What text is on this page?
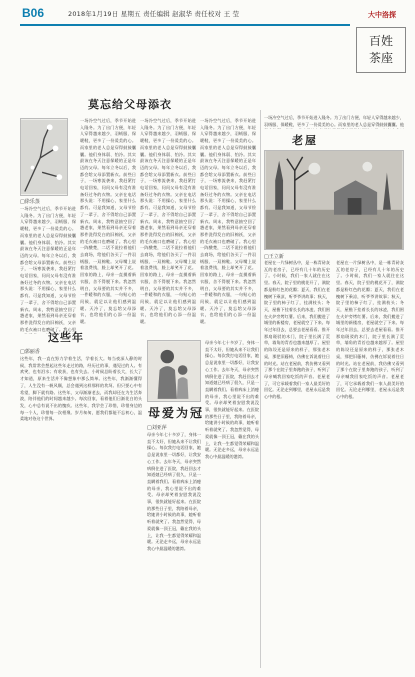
B06	2018年1月19日 星期五 责任编辑 赵淑华 责任校对 王 莹	大中洛探
百姓
茶座
莫忘给父母添衣
□徐乐蒸
一场冷空气过后，季节开始进入隆冬。为了出门方便，年轻人穿得越来越少，羽绒服、保暖鞋，更多了一份爱美的心。而家里的老人总是穿得鼓鼓囊囊。他们身体弱、怕冷。其实最该在冬天注意保暖的正是年迈的父母。每年立冬以后，我都会给父母添置新衣。前些日子，一场寒流袭来，我赶紧打电话回家，问问父母有没有准备好过冬的衣物。父亲在电话那头说：不用操心，家里什么都有。可是我知道，父母节俭了一辈子，舍不得给自己添置新衣。周末，我特意抽空回了趟老家，果然看到母亲还穿着那件洗得发白的旧棉袄，父亲的毛衣袖口也磨破了。我心里
一场冷空气过后，季节开始进入隆冬。为了出门方便，年轻人穿得越来越少，羽绒服、保暖鞋，更多了一份爱美的心。而家里的老人总是穿得鼓鼓囊囊。他们身体弱、怕冷。其实最该在冬天注意保暖的正是年迈的父母。每年立冬以后，我都会给父母添置新衣。前些日子，一场寒流袭来，我赶紧打电话回家，问问父母有没有准备好过冬的衣物。父亲在电话那头说：不用操心，家里什么都有。可是我知道，父母节俭了一辈子，舍不得给自己添置新衣。周末，我特意抽空回了趟老家，果然看到母亲还穿着那件洗得发白的旧棉袄，父亲的毛衣袖口也磨破了。我心里一阵酸楚，二话不说拉着他们去商场，给他们各买了一件羽绒服、一双棉鞋。父母嘴上说着浪费钱，脸上却笑开了花。回家的路上，母亲一直摸着新衣服，舍不得脱下来。我忽然明白，父母要的其实并不多，一件暖和的衣服，一句贴心的问候，就足以让他们感到温暖。天冷了，莫忘给父母添衣，也给他们的心添一份温暖。
一场冷空气过后，季节开始进入隆冬。为了出门方便，年轻人穿得越来越少，羽绒服、保暖鞋，更多了一份爱美的心。而家里的老人总是穿得鼓鼓囊囊。他们身体弱、怕冷。其实最该在冬天注意保暖的正是年迈的父母。每年立冬以后，我都会给父母添置新衣。前些日子，一场寒流袭来，我赶紧打电话回家，问问父母有没有准备好过冬的衣物。父亲在电话那头说：不用操心，家里什么都有。可是我知道，父母节俭了一辈子，舍不得给自己添置新衣。周末，我特意抽空回了趟老家，果然看到母亲还穿着那件洗得发白的旧棉袄，父亲的毛衣袖口也磨破了。我心里一阵酸楚，二话不说拉着他们去商场，给他们各买了一件羽绒服、一双棉鞋。父母嘴上说着浪费钱，脸上却笑开了花。回家的路上，母亲一直摸着新衣服，舍不得脱下来。我忽然明白，父母要的其实并不多，一件暖和的衣服，一句贴心的问候，就足以让他们感到温暖。天冷了，莫忘给父母添衣，也给他们的心添一份温暖。
一场冷空气过后，季节开始进入隆冬。为了出门方便，年轻人穿得越来越少，羽绒服、保暖鞋，更多了一份爱美的心。而家里的老人总是穿得鼓鼓囊囊。他们身体弱、怕冷。其实最该在冬天注意保暖的正是年迈的父母。每年立冬以后，我都会给父母添置新衣。前些日子，一场寒流袭来，我赶紧打电话回家，问问父母有没有准备好过冬的衣物。父亲在电话那头说：不用操心，家里什么都有。可是我知道，父母节俭了一辈子，舍不得给自己添置新衣。周末，我特意抽空回了趟老家，果然看到母亲还穿着那件洗得发白的旧棉袄，父亲的毛衣袖口也磨破了。我心里一阵酸楚，二话不说拉着他们去商场，给他们各买了一件羽绒服、一双棉鞋。父母嘴上说着浪费钱，脸上却笑开了花。回家的路上，母亲一直摸着新衣服，舍不得脱下来。我忽然明白，父母要的其实并不多，一件暖和的衣服，一句贴心的问候，就足以让他们感到温暖。天冷了，莫忘给父母添衣，也给他们的心添一份温暖。
老屋
□王立新
老屋在一片绿树丛中，是一栋青砖灰瓦的老房子，已经有几十年的历史了。小时候，我们一家人就住在这里。春天，院子里的桃花开了，满院都是粉红色的花瓣；夏天，我们在老槐树下乘凉，听爷爷讲故事；秋天，院子里的柿子红了，挂满枝头；冬天，屋檐下挂着长长的冰凌，我们围在火炉旁烤红薯。后来，我们搬进了城里的新楼房，老屋就空了下来。每年过年回去，总要去老屋看看。推开那扇斑驳的木门，院子里长满了荒草，墙角的青苔也越来越厚了。屋里的陈设还是原来的样子，那张老木桌，那把旧藤椅，仿佛在诉说着往日的时光。站在老屋前，我仿佛又看到了那个在院子里奔跑的孩子，听到了母亲喊我回家吃饭的声音。老屋老了，可它承载着我们一家人最美好的回忆。无论走到哪里，老屋永远是我心中的根。
老屋在一片绿树丛中，是一栋青砖灰瓦的老房子，已经有几十年的历史了。小时候，我们一家人就住在这里。春天，院子里的桃花开了，满院都是粉红色的花瓣；夏天，我们在老槐树下乘凉，听爷爷讲故事；秋天，院子里的柿子红了，挂满枝头；冬天，屋檐下挂着长长的冰凌，我们围在火炉旁烤红薯。后来，我们搬进了城里的新楼房，老屋就空了下来。每年过年回去，总要去老屋看看。推开那扇斑驳的木门，院子里长满了荒草，墙角的青苔也越来越厚了。屋里的陈设还是原来的样子，那张老木桌，那把旧藤椅，仿佛在诉说着往日的时光。站在老屋前，我仿佛又看到了那个在院子里奔跑的孩子，听到了母亲喊我回家吃饭的声音。老屋老了，可它承载着我们一家人最美好的回忆。无论走到哪里，老屋永远是我心中的根。
一场冷空气过后，季节开始进入隆冬。为了出门方便，年轻人穿得越来越少，羽绒服、保暖鞋，更多了一份爱美的心。而家里的老人总是穿得鼓鼓囊囊。他
这些年
□郭丽香
这些年，我一直在努力学着生活，学着长大。每当夜深人静的时候，我常常会想起这些年走过的路，经历过的事，遇见过的人。有欢笑，也有泪水；有收获，也有失去。小时候总盼着长大，长大了才知道，原来生活并不像想象中那么简单。这些年，我渐渐懂得了，人生没有一帆风顺，总会遇到这样那样的坎坷。但只要心中有希望，脚下就有路。这些年，父母渐渐老去，而我却还在为生活奔波，陪伴他们的时间越来越少。每次回家，看着他们日渐花白的头发，心中总有说不出的愧疚。这些年，我学会了珍惜，珍惜身边的每一个人，珍惜每一次相聚。岁月匆匆，愿我们都能不忘初心，温柔地对待这个世界。	母爱为冠
□刘亚萍
母亲今年七十多岁了，身体一直不太好，但她从来不让我们操心。每次我打电话回家，她总是说家里一切都好，让我安心工作。去年冬天，母亲突然病倒住进了医院，我赶回去才知道她已经病了很久，只是一直瞒着我们。看着病床上消瘦的母亲，我心里说不出的难受。母亲却笑着安慰我说没事，很快就能好起来。在医院的那些日子里，我陪着母亲，给她讲小时候的故事，她听着听着就笑了。我忽然觉得，母爱就像一顶王冠，戴在我的头上，让我一生都觉得荣耀和温暖。无论走多远，母亲永远是我心中最温暖的港湾。
母亲今年七十多岁了，身体一直不太好，但她从来不让我们操心。每次我打电话回家，她总是说家里一切都好，让我安心工作。去年冬天，母亲突然病倒住进了医院，我赶回去才知道她已经病了很久，只是一直瞒着我们。看着病床上消瘦的母亲，我心里说不出的难受。母亲却笑着安慰我说没事，很快就能好起来。在医院的那些日子里，我陪着母亲，给她讲小时候的故事，她听着听着就笑了。我忽然觉得，母爱就像一顶王冠，戴在我的头上，让我一生都觉得荣耀和温暖。无论走多远，母亲永远是我心中最温暖的港湾。
